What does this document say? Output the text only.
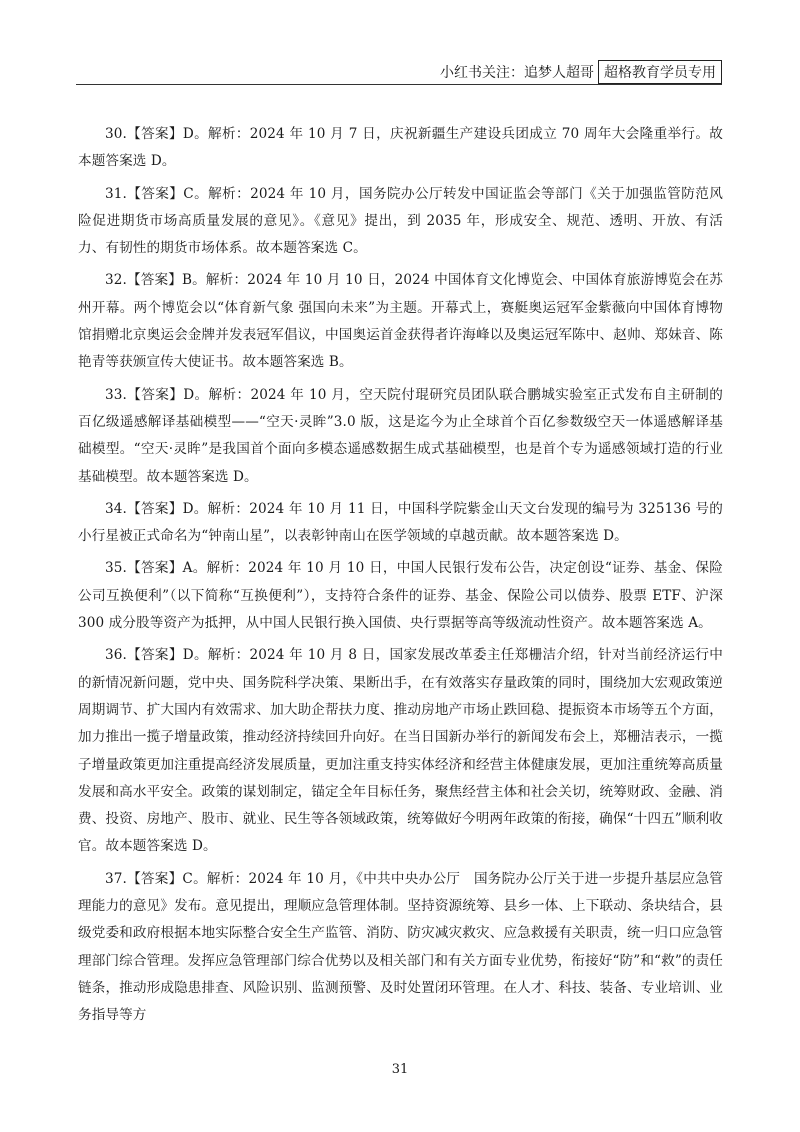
小红书关注：追梦人超哥 超格教育学员专用

30.【答案】D。解析：2024 年 10 月 7 日，庆祝新疆生产建设兵团成立 70 周年大会隆重举行。故本题答案选 D。

31.【答案】C。解析：2024 年 10 月，国务院办公厅转发中国证监会等部门《关于加强监管防范风险促进期货市场高质量发展的意见》。《意见》提出，到 2035 年，形成安全、规范、透明、开放、有活力、有韧性的期货市场体系。故本题答案选 C。

32.【答案】B。解析：2024 年 10 月 10 日，2024 中国体育文化博览会、中国体育旅游博览会在苏州开幕。两个博览会以“体育新气象 强国向未来”为主题。开幕式上，赛艇奥运冠军金紫薇向中国体育博物馆捐赠北京奥运会金牌并发表冠军倡议，中国奥运首金获得者许海峰以及奥运冠军陈中、赵帅、郑妹音、陈艳青等获颁宣传大使证书。故本题答案选 B。

33.【答案】D。解析：2024 年 10 月，空天院付琨研究员团队联合鹏城实验室正式发布自主研制的百亿级遥感解译基础模型——“空天·灵眸”3.0 版，这是迄今为止全球首个百亿参数级空天一体遥感解译基础模型。“空天·灵眸”是我国首个面向多模态遥感数据生成式基础模型，也是首个专为遥感领域打造的行业基础模型。故本题答案选 D。

34.【答案】D。解析：2024 年 10 月 11 日，中国科学院紫金山天文台发现的编号为 325136 号的小行星被正式命名为“钟南山星”，以表彰钟南山在医学领域的卓越贡献。故本题答案选 D。

35.【答案】A。解析：2024 年 10 月 10 日，中国人民银行发布公告，决定创设“证券、基金、保险公司互换便利”（以下简称“互换便利”），支持符合条件的证券、基金、保险公司以债券、股票 ETF、沪深 300 成分股等资产为抵押，从中国人民银行换入国债、央行票据等高等级流动性资产。故本题答案选 A。

36.【答案】D。解析：2024 年 10 月 8 日，国家发展改革委主任郑栅洁介绍，针对当前经济运行中的新情况新问题，党中央、国务院科学决策、果断出手，在有效落实存量政策的同时，围绕加大宏观政策逆周期调节、扩大国内有效需求、加大助企帮扶力度、推动房地产市场止跌回稳、提振资本市场等五个方面，加力推出一揽子增量政策，推动经济持续回升向好。在当日国新办举行的新闻发布会上，郑栅洁表示，一揽子增量政策更加注重提高经济发展质量，更加注重支持实体经济和经营主体健康发展，更加注重统筹高质量发展和高水平安全。政策的谋划制定，锚定全年目标任务，聚焦经营主体和社会关切，统筹财政、金融、消费、投资、房地产、股市、就业、民生等各领域政策，统筹做好今明两年政策的衔接，确保“十四五”顺利收官。故本题答案选 D。

37.【答案】C。解析：2024 年 10 月，《中共中央办公厅　国务院办公厅关于进一步提升基层应急管理能力的意见》发布。意见提出，理顺应急管理体制。坚持资源统筹、县乡一体、上下联动、条块结合，县级党委和政府根据本地实际整合安全生产监管、消防、防灾减灾救灾、应急救援有关职责，统一归口应急管理部门综合管理。发挥应急管理部门综合优势以及相关部门和有关方面专业优势，衔接好“防”和“救”的责任链条，推动形成隐患排查、风险识别、监测预警、及时处置闭环管理。在人才、科技、装备、专业培训、业务指导等方

31
